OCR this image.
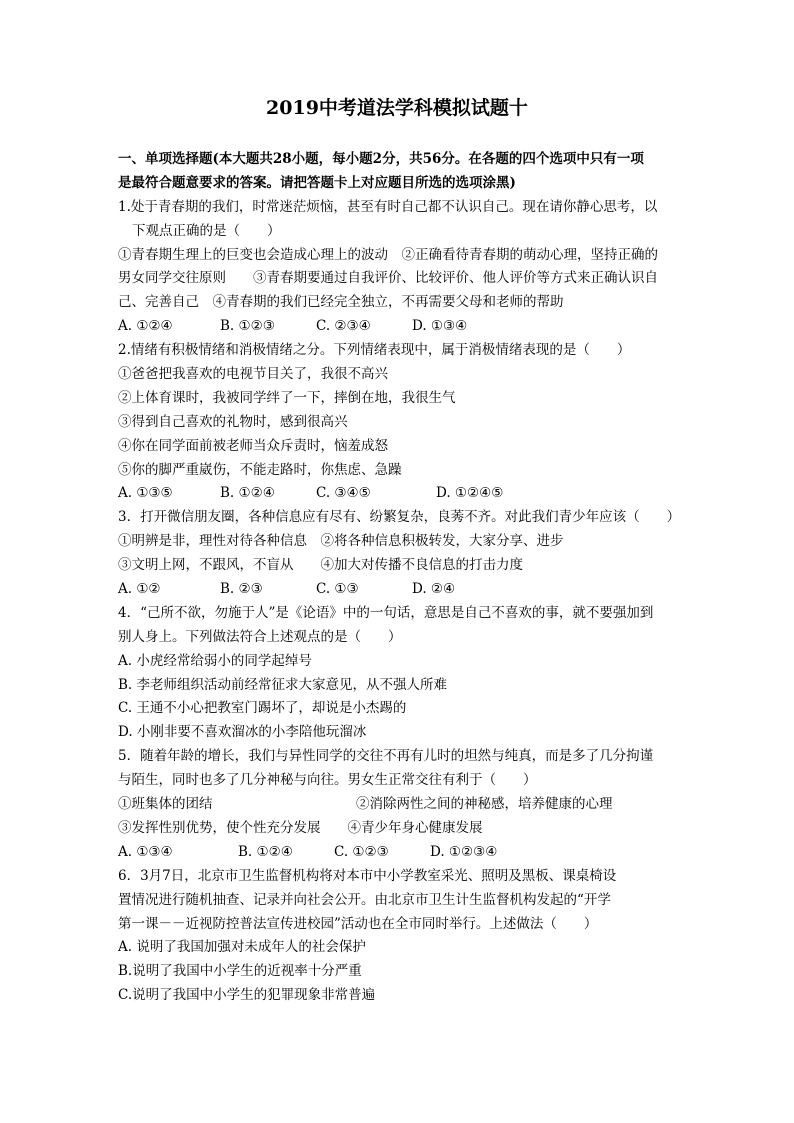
2019中考道法学科模拟试题十
一、单项选择题(本大题共28小题，每小题2分，共56分。在各题的四个选项中只有一项
是最符合题意要求的答案。请把答题卡上对应题目所选的选项涂黑)
1.处于青春期的我们，时常迷茫烦恼，甚至有时自己都不认识自己。现在请你静心思考，以
下观点正确的是（　　）
①青春期生理上的巨变也会造成心理上的波动　②正确看待青春期的萌动心理，坚持正确的
男女同学交往原则　　③青春期要通过自我评价、比较评价、他人评价等方式来正确认识自
己、完善自己　④青春期的我们已经完全独立，不再需要父母和老师的帮助
A. ①②④	B. ①②③	C. ②③④	D. ①③④
2.情绪有积极情绪和消极情绪之分。下列情绪表现中，属于消极情绪表现的是（　　）
①爸爸把我喜欢的电视节目关了，我很不高兴
②上体育课时，我被同学绊了一下，摔倒在地，我很生气
③得到自己喜欢的礼物时，感到很高兴
④你在同学面前被老师当众斥责时，恼羞成怒
⑤你的脚严重崴伤，不能走路时，你焦虑、急躁
A. ①③⑤	B. ①②④	C. ③④⑤	D. ①②④⑤
3．打开微信朋友圈，各种信息应有尽有、纷繁复杂，良莠不齐。对此我们青少年应该（　　）
①明辨是非，理性对待各种信息　②将各种信息积极转发，大家分享、进步
③文明上网，不跟风，不盲从　　④加大对传播不良信息的打击力度
A. ①②	B. ②③	C. ①③	D. ②④
4．“己所不欲，勿施于人”是《论语》中的一句话，意思是自己不喜欢的事，就不要强加到
别人身上。下列做法符合上述观点的是（　　）
A. 小虎经常给弱小的同学起绰号
B. 李老师组织活动前经常征求大家意见，从不强人所难
C. 王通不小心把教室门踢坏了，却说是小杰踢的
D. 小刚非要不喜欢溜冰的小李陪他玩溜冰
5．随着年龄的增长，我们与异性同学的交往不再有儿时的坦然与纯真，而是多了几分拘谨
与陌生，同时也多了几分神秘与向往。男女生正常交往有利于（　　）
①班集体的团结	②消除两性之间的神秘感，培养健康的心理
③发挥性别优势，使个性充分发展　　④青少年身心健康发展
A. ①③④	B. ①②④	C. ①②③	D. ①②③④
6．3月7日，北京市卫生监督机构将对本市中小学教室采光、照明及黑板、课桌椅设
置情况进行随机抽查、记录并向社会公开。由北京市卫生计生监督机构发起的“开学
第一课－－近视防控普法宣传进校园”活动也在全市同时举行。上述做法（　　）
A. 说明了我国加强对未成年人的社会保护
B.说明了我国中小学生的近视率十分严重
C.说明了我国中小学生的犯罪现象非常普遍
